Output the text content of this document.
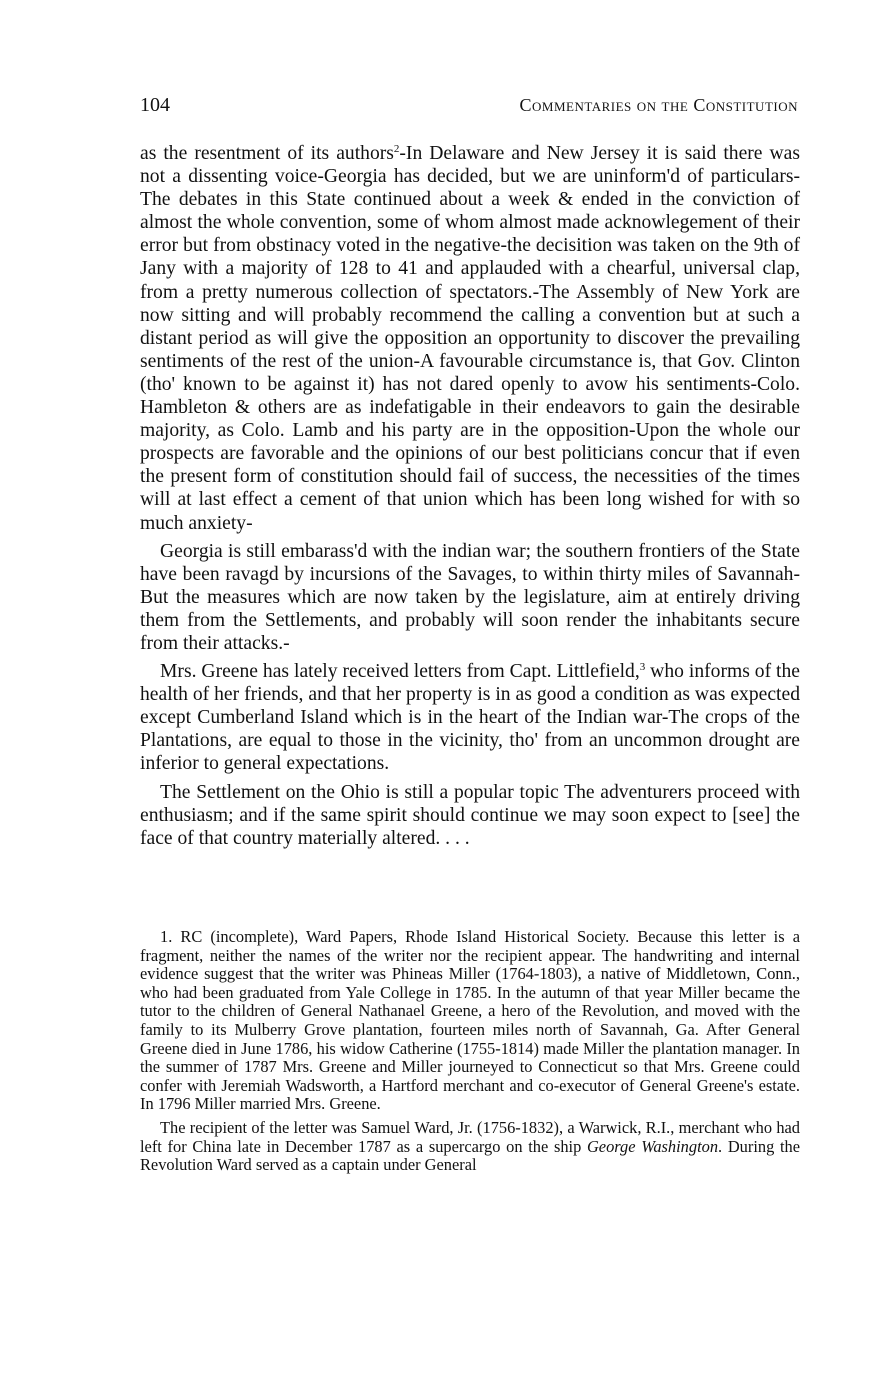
104	Commentaries on the Constitution

as the resentment of its authors$^2$-In Delaware and New Jersey it is said there was not a dissenting voice-Georgia has decided, but we are uninform'd of particulars-The debates in this State continued about a week & ended in the conviction of almost the whole convention, some of whom almost made acknowlegement of their error but from obstinacy voted in the negative-the decisition was taken on the 9th of Jany with a majority of 128 to 41 and applauded with a chearful, universal clap, from a pretty numerous collection of spectators.-The Assembly of New York are now sitting and will probably recommend the calling a convention but at such a distant period as will give the opposition an opportunity to discover the prevailing sentiments of the rest of the union-A favourable circumstance is, that Gov. Clinton (tho' known to be against it) has not dared openly to avow his sentiments-Colo. Hambleton & others are as indefatigable in their endeavors to gain the desirable majority, as Colo. Lamb and his party are in the opposition-Upon the whole our prospects are favorable and the opinions of our best politicians concur that if even the present form of constitution should fail of success, the necessities of the times will at last effect a cement of that union which has been long wished for with so much anxiety-

Georgia is still embarass'd with the indian war; the southern frontiers of the State have been ravagd by incursions of the Savages, to within thirty miles of Savannah-But the measures which are now taken by the legislature, aim at entirely driving them from the Settlements, and probably will soon render the inhabitants secure from their attacks.-

Mrs. Greene has lately received letters from Capt. Littlefield,$^3$ who informs of the health of her friends, and that her property is in as good a condition as was expected except Cumberland Island which is in the heart of the Indian war-The crops of the Plantations, are equal to those in the vicinity, tho' from an uncommon drought are inferior to general expectations.

The Settlement on the Ohio is still a popular topic The adventurers proceed with enthusiasm; and if the same spirit should continue we may soon expect to [see] the face of that country materially altered. . . .

1. RC (incomplete), Ward Papers, Rhode Island Historical Society. Because this letter is a fragment, neither the names of the writer nor the recipient appear. The handwriting and internal evidence suggest that the writer was Phineas Miller (1764-1803), a native of Middletown, Conn., who had been graduated from Yale College in 1785. In the autumn of that year Miller became the tutor to the children of General Nathanael Greene, a hero of the Revolution, and moved with the family to its Mulberry Grove plantation, fourteen miles north of Savannah, Ga. After General Greene died in June 1786, his widow Catherine (1755-1814) made Miller the plantation manager. In the summer of 1787 Mrs. Greene and Miller journeyed to Connecticut so that Mrs. Greene could confer with Jeremiah Wadsworth, a Hartford merchant and co-executor of General Greene's estate. In 1796 Miller married Mrs. Greene.

The recipient of the letter was Samuel Ward, Jr. (1756-1832), a Warwick, R.I., merchant who had left for China late in December 1787 as a supercargo on the ship George Washington. During the Revolution Ward served as a captain under General
